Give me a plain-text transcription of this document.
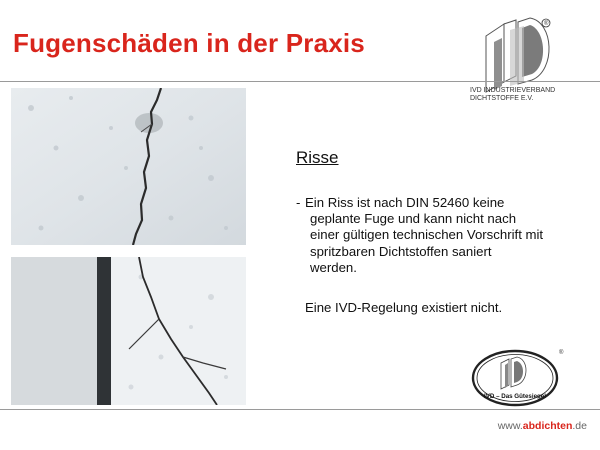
Fugenschäden in der Praxis
®
IVD INDUSTRIEVERBAND
DICHTSTOFFE E.V.
Risse
- Ein Riss ist nach DIN 52460 keine
geplante Fuge und kann nicht nach
einer gültigen technischen Vorschrift mit
spritzbaren Dichtstoffen saniert
werden.
Eine IVD-Regelung existiert nicht.
IVD – Das Gütesiegel
®
www.abdichten.de
